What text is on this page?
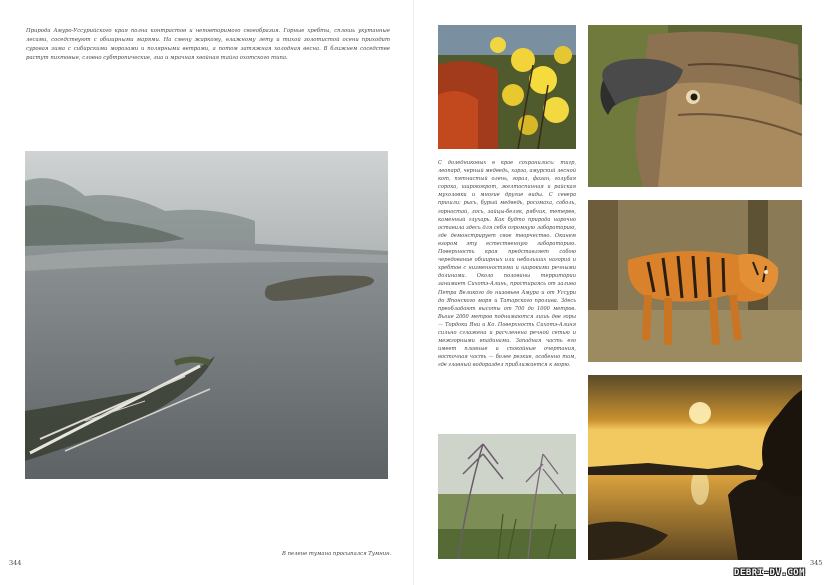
Природа Амуро-Уссурийского края полна контрастов и неповторимого своеобразия. Горные хребты, сплошь укутанные лесами, соседствуют с обширными марями. На смену жаркому, влажному лету и тихой золотистой осени приходит суровая зима с сибирскими морозами и полярными ветрами, а потом затяжная холодная весна. В ближнем соседстве растут пихтовые, словно субтропические, лиа и мрачная хвойная тайга охотского типа.
В пелене тумана просыпался Тумнин.
344
С доледниковых в крае сохранились: тигр, леопард, черный медведь, харза, амурский лесной кот, пятнистый олень, горал, фазан, голубая сорока, ширококрот, желтоспинная и райская мухоловки и многие другие виды. С севера пришли: рысь, бурый медведь, росомаха, соболь, горностай, лось, зайцы-беляк, рябчик, тетерев, каменный глухарь. Как будто природа нарочно оставила здесь для себя огромную лабораторию, где демонстрирует свое творчество. Окинем взором эту естественную лабораторию. Поверхность края представляет собою чередование обширных или небольших нагорий и хребтов с низменностями и широкими речными долинами. Около половины территории занимает Сихотэ-Алинь, простираясь от залива Петра Великого до низовьев Амура и от Уссури до Японского моря и Татарского пролива. Здесь преобладают высоты от 700 до 1000 метров. Выше 2000 метров поднимаются лишь две горы — Тордоки Яни и Ко. Поверхность Сихотэ-Алиня сильно сглажена и расчленена речной сетью и межгорными впадинами. Западная часть его имеет плавные и спокойные очертания, восточная часть — более резкие, особенно там, где главный водораздел приближается к морю.
345
DEBRI-DV.COM
